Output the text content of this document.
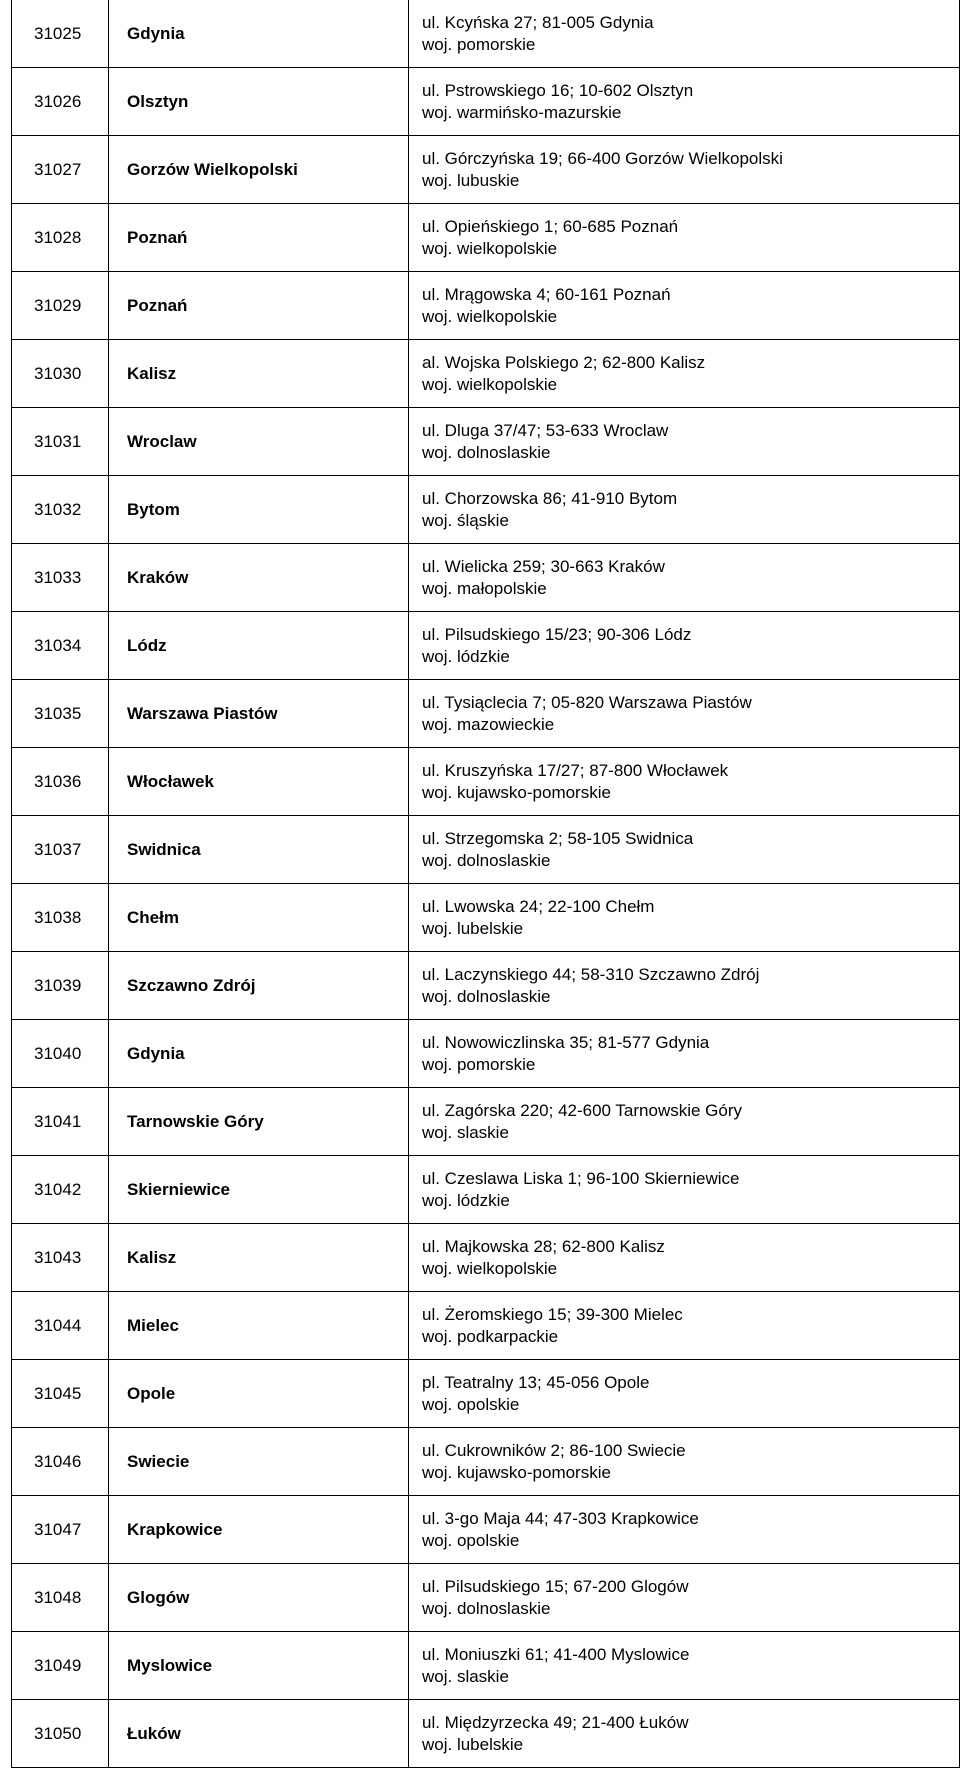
31025	Gdynia	ul. Kcyńska 27; 81-005 Gdynia
woj. pomorskie

31026	Olsztyn	ul. Pstrowskiego 16; 10-602 Olsztyn
woj. warmińsko-mazurskie

31027	Gorzów Wielkopolski	ul. Górczyńska 19; 66-400 Gorzów Wielkopolski
woj. lubuskie

31028	Poznań	ul. Opieńskiego 1; 60-685 Poznań
woj. wielkopolskie

31029	Poznań	ul. Mrągowska 4; 60-161 Poznań
woj. wielkopolskie

31030	Kalisz	al. Wojska Polskiego 2; 62-800 Kalisz
woj. wielkopolskie

31031	Wroclaw	ul. Dluga 37/47; 53-633 Wroclaw
woj. dolnoslaskie

31032	Bytom	ul. Chorzowska 86; 41-910 Bytom
woj. śląskie

31033	Kraków	ul. Wielicka 259; 30-663 Kraków
woj. małopolskie

31034	Lódz	ul. Pilsudskiego 15/23; 90-306 Lódz
woj. lódzkie

31035	Warszawa Piastów	ul. Tysiąclecia 7; 05-820 Warszawa Piastów
woj. mazowieckie

31036	Włocławek	ul. Kruszyńska 17/27; 87-800 Włocławek
woj. kujawsko-pomorskie

31037	Swidnica	ul. Strzegomska 2; 58-105 Swidnica
woj. dolnoslaskie

31038	Chełm	ul. Lwowska 24; 22-100 Chełm
woj. lubelskie

31039	Szczawno Zdrój	ul. Laczynskiego 44; 58-310 Szczawno Zdrój
woj. dolnoslaskie

31040	Gdynia	ul. Nowowiczlinska 35; 81-577 Gdynia
woj. pomorskie

31041	Tarnowskie Góry	ul. Zagórska 220; 42-600 Tarnowskie Góry
woj. slaskie

31042	Skierniewice	ul. Czeslawa Liska 1; 96-100 Skierniewice
woj. lódzkie

31043	Kalisz	ul. Majkowska 28; 62-800 Kalisz
woj. wielkopolskie

31044	Mielec	ul. Żeromskiego 15; 39-300 Mielec
woj. podkarpackie

31045	Opole	pl. Teatralny 13; 45-056 Opole
woj. opolskie

31046	Swiecie	ul. Cukrowników 2; 86-100 Swiecie
woj. kujawsko-pomorskie

31047	Krapkowice	ul. 3-go Maja 44; 47-303 Krapkowice
woj. opolskie

31048	Glogów	ul. Pilsudskiego 15; 67-200 Glogów
woj. dolnoslaskie

31049	Myslowice	ul. Moniuszki 61; 41-400 Myslowice
woj. slaskie

31050	Łuków	ul. Międzyrzecka 49; 21-400 Łuków
woj. lubelskie
